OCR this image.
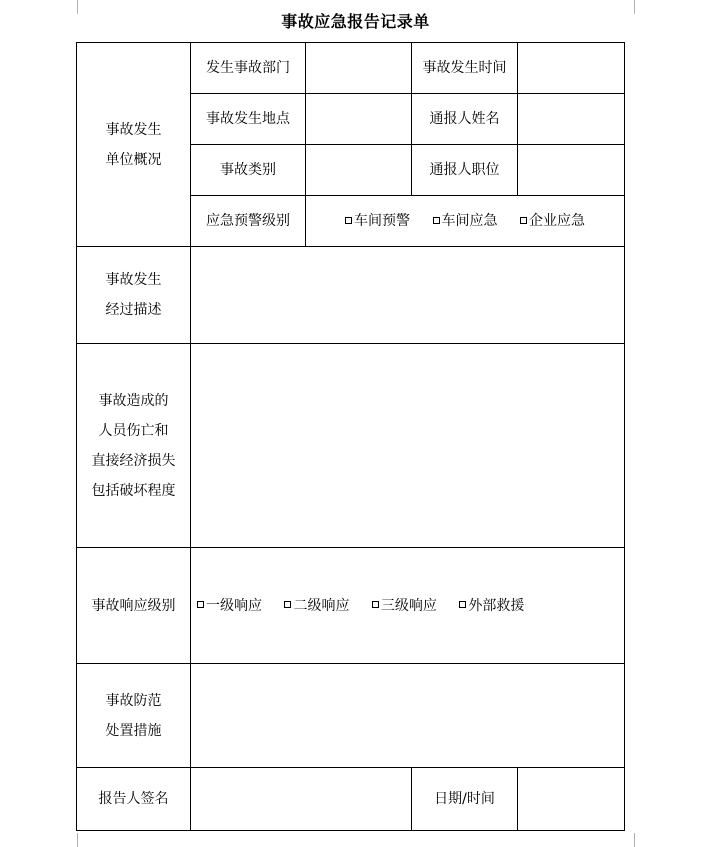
事故应急报告记录单
事故发生
单位概况	发生事故部门		事故发生时间	
	事故发生地点		通报人姓名	
	事故类别		通报人职位	
	应急预警级别	车间预警 车间应急 企业应急		

事故发生
经过描述				

事故造成的
人员伤亡和
直接经济损失
包括破坏程度				

事故响应级别	一级响应 二级响应 三级响应 外部救援			

事故防范
处置措施				

报告人签名			日期/时间	
